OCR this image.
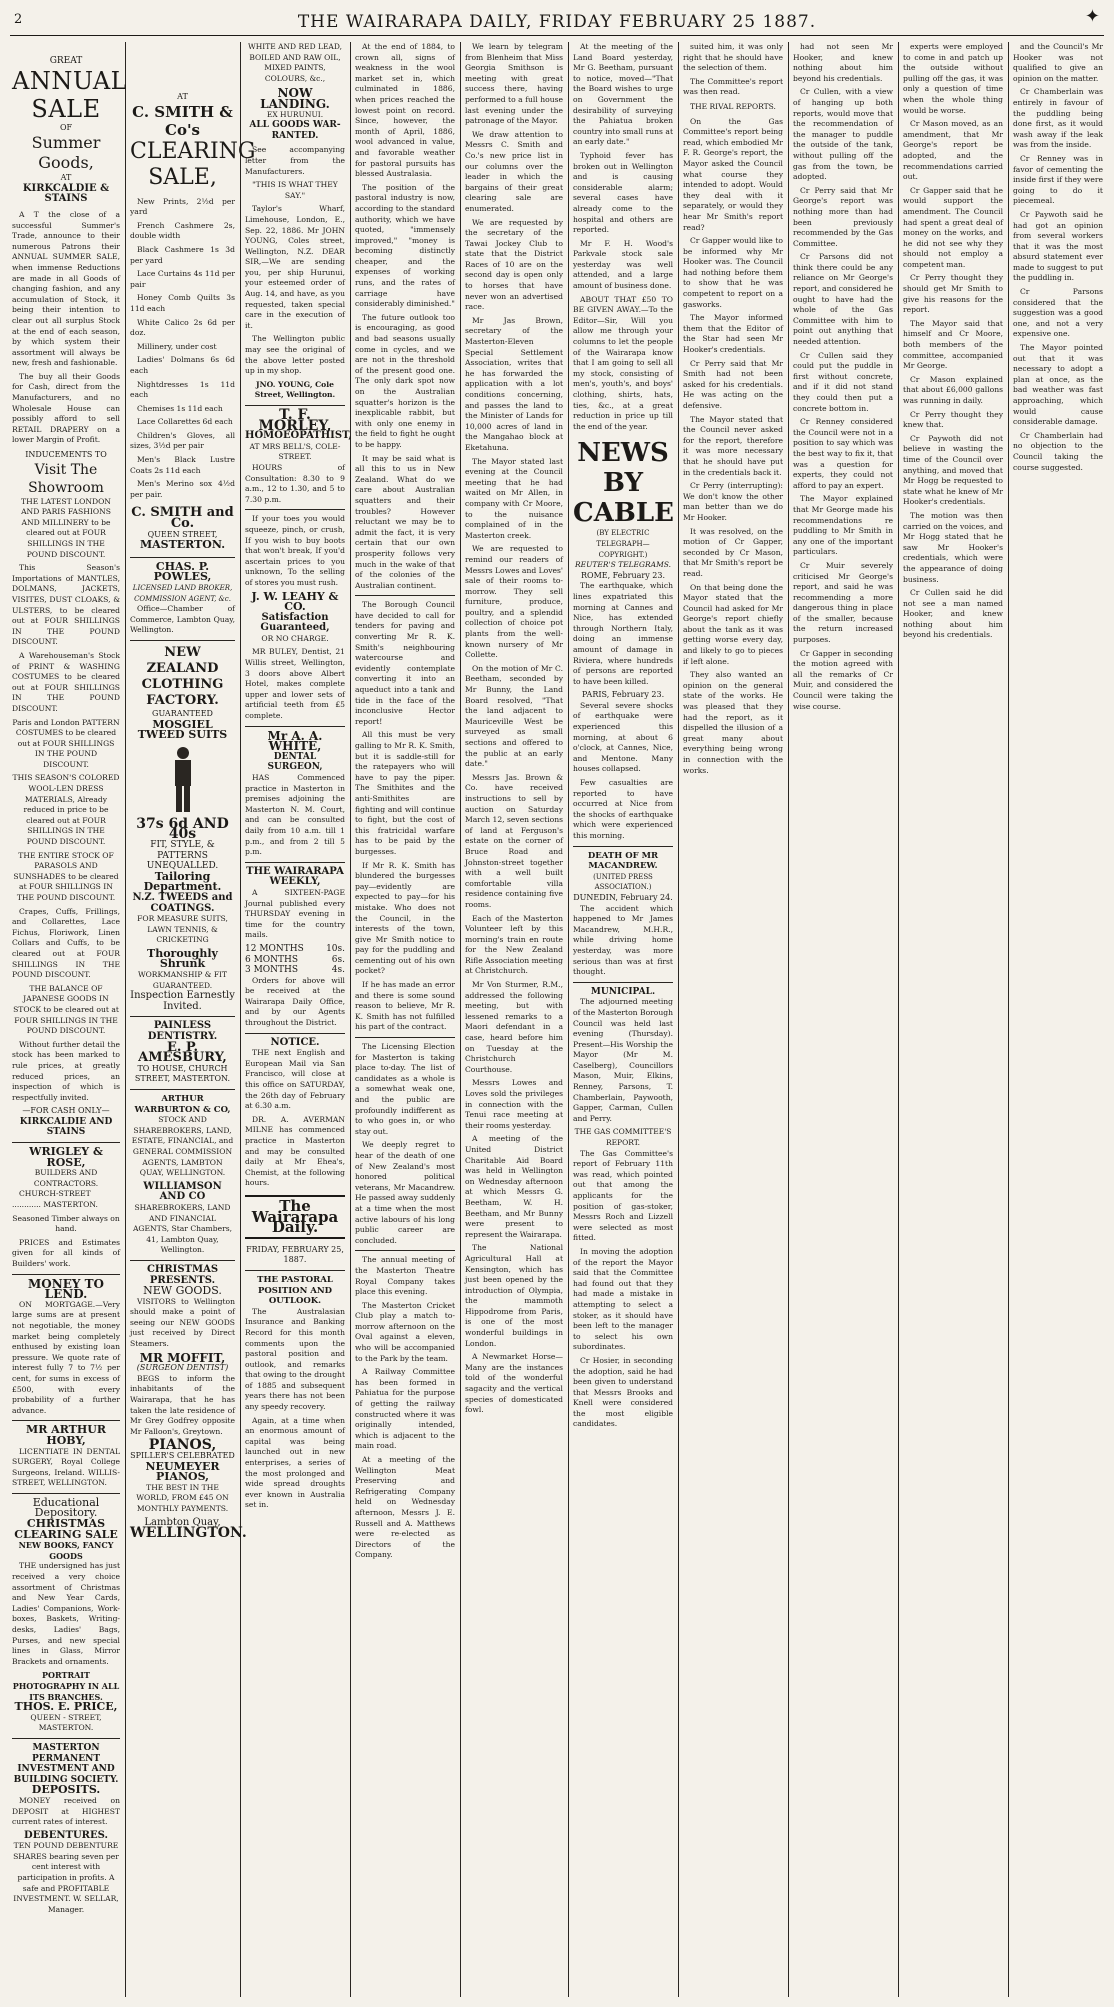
2	THE WAIRARAPA DAILY, FRIDAY FEBRUARY 25 1887.	✦
GREAT
ANNUAL SALE
OF
Summer Goods,
AT
KIRKCALDIE & STAINS

A T the close of a successful Summer's Trade, announce to their numerous Patrons their ANNUAL SUMMER SALE, when immense Reductions are made in all Goods of changing fashion, and any accumulation of Stock, it being their intention to clear out all surplus Stock at the end of each season, by which system their assortment will always be new, fresh and fashionable.

The buy all their Goods for Cash, direct from the Manufacturers, and no Wholesale House can possibly afford to sell RETAIL DRAPERY on a lower Margin of Profit.

INDUCEMENTS TO
Visit The Showroom

THE LATEST LONDON AND PARIS FASHIONS AND MILLINERY to be cleared out at FOUR SHILLINGS IN THE POUND DISCOUNT.

This Season's Importations of MANTLES, DOLMANS, JACKETS, VISITES, DUST CLOAKS, & ULSTERS, to be cleared out at FOUR SHILLINGS IN THE POUND DISCOUNT.

A Warehouseman's Stock of PRINT & WASHING COSTUMES to be cleared out at FOUR SHILLINGS IN THE POUND DISCOUNT.

Paris and London PATTERN COSTUMES to be cleared out at FOUR SHILLINGS IN THE POUND DISCOUNT.

THIS SEASON'S COLORED WOOL-LEN DRESS MATERIALS, Already reduced in price to be cleared out at FOUR SHILLINGS IN THE POUND DISCOUNT.

THE ENTIRE STOCK OF PARASOLS AND SUNSHADES to be cleared at FOUR SHILLINGS IN THE POUND DISCOUNT.

Crapes, Cuffs, Frillings, and Collarettes, Lace Fichus, Floriwork, Linen Collars and Cuffs, to be cleared out at FOUR SHILLINGS IN THE POUND DISCOUNT.

THE BALANCE OF JAPANESE GOODS IN STOCK to be cleared out at FOUR SHILLINGS IN THE POUND DISCOUNT.

Without further detail the stock has been marked to rule prices, at greatly reduced prices, an inspection of which is respectfully invited.

—FOR CASH ONLY—
KIRKCALDIE AND STAINS
WRIGLEY & ROSE,
BUILDERS AND CONTRACTORS.

CHURCH-STREET ............ MASTERTON.

Seasoned Timber always on hand.

PRICES and Estimates given for all kinds of Builders' work.

MONEY TO LEND.

ON MORTGAGE.—Very large sums are at present not negotiable, the money market being completely enthused by existing loan pressure. We quote rate of interest fully 7 to 7½ per cent, for sums in excess of £500, with every probability of a further advance.

MR ARTHUR HOBY,

LICENTIATE IN DENTAL SURGERY, Royal College Surgeons, Ireland. WILLIS-STREET, WELLINGTON.

Educational Depository.
CHRISTMAS CLEARING SALE
NEW BOOKS, FANCY GOODS

THE undersigned has just received a very choice assortment of Christmas and New Year Cards, Ladies' Companions, Work-boxes, Baskets, Writing-desks, Ladies' Bags, Purses, and new special lines in Glass, Mirror Brackets and ornaments.

PORTRAIT PHOTOGRAPHY IN ALL ITS BRANCHES.
THOS. E. PRICE,

QUEEN - STREET, MASTERTON.

MASTERTON PERMANENT INVESTMENT AND BUILDING SOCIETY.
DEPOSITS.

MONEY received on DEPOSIT at HIGHEST current rates of interest.

DEBENTURES.

TEN POUND DEBENTURE SHARES bearing seven per cent interest with participation in profits. A safe and PROFITABLE INVESTMENT. W. SELLAR, Manager.

AT
C. SMITH & Co's
CLEARING
SALE,

New Prints, 2½d per yard

French Cashmere 2s, double width

Black Cashmere 1s 3d per yard

Lace Curtains 4s 11d per pair

Honey Comb Quilts 3s 11d each

White Calico 2s 6d per doz.

Millinery, under cost

Ladies' Dolmans 6s 6d each

Nightdresses 1s 11d each

Chemises 1s 11d each

Lace Collarettes 6d each

Children's Gloves, all sizes, 3½d per pair

Men's Black Lustre Coats 2s 11d each

Men's Merino sox 4½d per pair.

C. SMITH and Co.
QUEEN STREET,
MASTERTON.
CHAS. P. POWLES,
LICENSED LAND BROKER, COMMISSION AGENT, &c.

Office—Chamber of Commerce, Lambton Quay, Wellington.

NEW ZEALAND CLOTHING FACTORY.
GUARANTEED
MOSGIEL TWEED SUITS
37s 6d AND 40s
FIT, STYLE, & PATTERNS UNEQUALLED.
Tailoring Department.
N.Z. TWEEDS and COATINGS.

FOR MEASURE SUITS, LAWN TENNIS, & CRICKETING

Thoroughly Shrunk
WORKMANSHIP & FIT GUARANTEED.
Inspection Earnestly Invited.
PAINLESS DENTISTRY.
E. P. AMESBURY,
TO HOUSE, CHURCH STREET, MASTERTON.
ARTHUR WARBURTON & CO,

STOCK AND SHAREBROKERS, LAND, ESTATE, FINANCIAL, and GENERAL COMMISSION AGENTS, LAMBTON QUAY, WELLINGTON.

WILLIAMSON AND CO

SHAREBROKERS, LAND AND FINANCIAL AGENTS, Star Chambers, 41, Lambton Quay, Wellington.

CHRISTMAS PRESENTS.
NEW GOODS.

VISITORS to Wellington should make a point of seeing our NEW GOODS just received by Direct Steamers.

MR MOFFIT,
(SURGEON DENTIST)

BEGS to inform the inhabitants of the Wairarapa, that he has taken the late residence of Mr Grey Godfrey opposite Mr Falloon's, Greytown.

PIANOS,
SPILLER'S CELEBRATED
NEUMEYER PIANOS,

THE BEST IN THE WORLD, FROM £45 ON MONTHLY PAYMENTS.

Lambton Quay,
WELLINGTON.
WHITE AND RED LEAD,
BOILED AND RAW OIL,
MIXED PAINTS, COLOURS, &c.,
NOW LANDING.
EX HURUNUI.
ALL GOODS WAR-RANTED.

See accompanying letter from the Manufacturers.

"THIS IS WHAT THEY SAY."

Taylor's Wharf, Limehouse, London, E., Sep. 22, 1886. Mr JOHN YOUNG, Coles street, Wellington, N.Z. DEAR SIR,—We are sending you, per ship Hurunui, your esteemed order of Aug. 14, and have, as you requested, taken special care in the execution of it.

The Wellington public may see the original of the above letter posted up in my shop.

JNO. YOUNG, Cole Street, Wellington.

T. F. MORLEY,
HOMOEOPATHIST,
AT MRS BELL'S, COLE-STREET.

HOURS of Consultation: 8.30 to 9 a.m., 12 to 1.30, and 5 to 7.30 p.m.

If your toes you would squeeze, pinch, or crush, If you wish to buy boots that won't break, If you'd ascertain prices to you unknown, To the selling of stores you must rush.

J. W. LEAHY & CO.
Satisfaction Guaranteed,

OR NO CHARGE.

MR BULEY, Dentist, 21 Willis street, Wellington, 3 doors above Albert Hotel, makes complete upper and lower sets of artificial teeth from £5 complete.

Mr A. A. WHITE,
DENTAL SURGEON,

HAS Commenced practice in Masterton in premises adjoining the Masterton N. M. Court, and can be consulted daily from 10 a.m. till 1 p.m., and from 2 till 5 p.m.

THE WAIRARAPA WEEKLY,

A SIXTEEN-PAGE Journal published every THURSDAY evening in time for the country mails.

12 MONTHS 10s.
6 MONTHS	6s.
3 MONTHS	4s.

Orders for above will be received at the Wairarapa Daily Office, and by our Agents throughout the District.

NOTICE.

THE next English and European Mail via San Francisco, will close at this office on SATURDAY, the 26th day of February at 6.30 a.m.

DR. A. AVERMAN MILNE has commenced practice in Masterton and may be consulted daily at Mr Ehea's, Chemist, at the following hours.

The Wairarapa Daily.
FRIDAY, FEBRUARY 25, 1887.
THE PASTORAL POSITION AND OUTLOOK.

The Australasian Insurance and Banking Record for this month comments upon the pastoral position and outlook, and remarks that owing to the drought of 1885 and subsequent years there has not been any speedy recovery.

Again, at a time when an enormous amount of capital was being launched out in new enterprises, a series of the most prolonged and wide spread droughts ever known in Australia set in.

At the end of 1884, to crown all, signs of weakness in the wool market set in, which culminated in 1886, when prices reached the lowest point on record. Since, however, the month of April, 1886, wool advanced in value, and favorable weather for pastoral pursuits has blessed Australasia.

The position of the pastoral industry is now, according to the standard authority, which we have quoted, "immensely improved," "money is becoming distinctly cheaper, and the expenses of working runs, and the rates of carriage have considerably diminished."

The future outlook too is encouraging, as good and bad seasons usually come in cycles, and we are not in the threshold of the present good one. The only dark spot now on the Australian squatter's horizon is the inexplicable rabbit, but with only one enemy in the field to fight he ought to be happy.

It may be said what is all this to us in New Zealand. What do we care about Australian squatters and their troubles? However reluctant we may be to admit the fact, it is very certain that our own prosperity follows very much in the wake of that of the colonies of the Australian continent.

The Borough Council have decided to call for tenders for paving and converting Mr R. K. Smith's neighbouring watercourse and evidently contemplate converting it into an aqueduct into a tank and tide in the face of the inconclusive Hector report!

All this must be very galling to Mr R. K. Smith, but it is saddle-still for the ratepayers who will have to pay the piper. The Smithites and the anti-Smithites are fighting and will continue to fight, but the cost of this fratricidal warfare has to be paid by the burgesses.

If Mr R. K. Smith has blundered the burgesses pay—evidently are expected to pay—for his mistake. Who does not the Council, in the interests of the town, give Mr Smith notice to pay for the puddling and cementing out of his own pocket?

If he has made an error and there is some sound reason to believe, Mr R. K. Smith has not fulfilled his part of the contract.

The Licensing Election for Masterton is taking place to-day. The list of candidates as a whole is a somewhat weak one, and the public are profoundly indifferent as to who goes in, or who stay out.

We deeply regret to hear of the death of one of New Zealand's most honored political veterans, Mr Macandrew. He passed away suddenly at a time when the most active labours of his long public career are concluded.

The annual meeting of the Masterton Theatre Royal Company takes place this evening.

The Masterton Cricket Club play a match to-morrow afternoon on the Oval against a eleven, who will be accompanied to the Park by the team.

A Railway Committee has been formed in Pahiatua for the purpose of getting the railway constructed where it was originally intended, which is adjacent to the main road.

At a meeting of the Wellington Meat Preserving and Refrigerating Company held on Wednesday afternoon, Messrs J. E. Russell and A. Matthews were re-elected as Directors of the Company.

We learn by telegram from Blenheim that Miss Georgia Smithson is meeting with great success there, having performed to a full house last evening under the patronage of the Mayor.

We draw attention to Messrs C. Smith and Co.'s new price list in our columns over the leader in which the bargains of their great clearing sale are enumerated.

We are requested by the secretary of the Tawai Jockey Club to state that the District Races of 10 are on the second day is open only to horses that have never won an advertised race.

Mr Jas Brown, secretary of the Masterton-Eleven Special Settlement Association, writes that he has forwarded the application with a lot conditions concerning, and passes the land to the Minister of Lands for 10,000 acres of land in the Mangahao block at Eketahuna.

The Mayor stated last evening at the Council meeting that he had waited on Mr Allen, in company with Cr Moore, to the nuisance complained of in the Masterton creek.

We are requested to remind our readers of Messrs Lowes and Loves' sale of their rooms to-morrow. They sell furniture, produce, poultry, and a splendid collection of choice pot plants from the well-known nursery of Mr Collette.

On the motion of Mr C. Beetham, seconded by Mr Bunny, the Land Board resolved, "That the land adjacent to Mauriceville West be surveyed as small sections and offered to the public at an early date."

Messrs Jas. Brown & Co. have received instructions to sell by auction on Saturday March 12, seven sections of land at Ferguson's estate on the corner of Bruce Road and Johnston-street together with a well built comfortable villa residence containing five rooms.

Each of the Masterton Volunteer left by this morning's train en route for the New Zealand Rifle Association meeting at Christchurch.

Mr Von Sturmer, R.M., addressed the following meeting, but with lessened remarks to a Maori defendant in a case, heard before him on Tuesday at the Christchurch Courthouse.

Messrs Lowes and Loves sold the privileges in connection with the Tenui race meeting at their rooms yesterday.

A meeting of the United District Charitable Aid Board was held in Wellington on Wednesday afternoon at which Messrs G. Beetham, W. H. Beetham, and Mr Bunny were present to represent the Wairarapa.

The National Agricultural Hall at Kensington, which has just been opened by the introduction of Olympia, the mammoth Hippodrome from Paris, is one of the most wonderful buildings in London.

A Newmarket Horse—Many are the instances told of the wonderful sagacity and the vertical species of domesticated fowl.

At the meeting of the Land Board yesterday, Mr G. Beetham, pursuant to notice, moved—"That the Board wishes to urge on Government the desirability of surveying the Pahiatua broken country into small runs at an early date."

Typhoid fever has broken out in Wellington and is causing considerable alarm; several cases have already come to the hospital and others are reported.

Mr F. H. Wood's Parkvale stock sale yesterday was well attended, and a large amount of business done.

ABOUT THAT £50 TO BE GIVEN AWAY.—To the Editor—Sir, Will you allow me through your columns to let the people of the Wairarapa know that I am going to sell all my stock, consisting of men's, youth's, and boys' clothing, shirts, hats, ties, &c., at a great reduction in price up till the end of the year.

NEWS BY CABLE
(BY ELECTRIC TELEGRAPH—COPYRIGHT.)
REUTER'S TELEGRAMS.
ROME, February 23.

The earthquake, which lines expatriated this morning at Cannes and Nice, has extended through Northern Italy, doing an immense amount of damage in Riviera, where hundreds of persons are reported to have been killed.

PARIS, February 23.

Several severe shocks of earthquake were experienced this morning, at about 6 o'clock, at Cannes, Nice, and Mentone. Many houses collapsed.

Few casualties are reported to have occurred at Nice from the shocks of earthquake which were experienced this morning.

DEATH OF MR MACANDREW.
(UNITED PRESS ASSOCIATION.)
DUNEDIN, February 24.

The accident which happened to Mr James Macandrew, M.H.R., while driving home yesterday, was more serious than was at first thought.

MUNICIPAL.

The adjourned meeting of the Masterton Borough Council was held last evening (Thursday). Present—His Worship the Mayor (Mr M. Caselberg), Councillors Mason, Muir, Elkins, Renney, Parsons, T. Chamberlain, Paywooth, Gapper, Carman, Cullen and Perry.

THE GAS COMMITTEE'S REPORT.

The Gas Committee's report of February 11th was read, which pointed out that among the applicants for the position of gas-stoker, Messrs Roch and Lizzell were selected as most fitted.

In moving the adoption of the report the Mayor said that the Committee had found out that they had made a mistake in attempting to select a stoker, as it should have been left to the manager to select his own subordinates.

Cr Hosier, in seconding the adoption, said he had been given to understand that Messrs Brooks and Knell were considered the most eligible candidates.

suited him, it was only right that he should have the selection of them.

The Committee's report was then read.

THE RIVAL REPORTS.

On the Gas Committee's report being read, which embodied Mr F. R. George's report, the Mayor asked the Council what course they intended to adopt. Would they deal with it separately, or would they hear Mr Smith's report read?

Cr Gapper would like to be informed why Mr Hooker was. The Council had nothing before them to show that he was competent to report on a gasworks.

The Mayor informed them that the Editor of the Star had seen Mr Hooker's credentials.

Cr Perry said that Mr Smith had not been asked for his credentials. He was acting on the defensive.

The Mayor stated that the Council never asked for the report, therefore it was more necessary that he should have put in the credentials back it.

Cr Perry (interrupting): We don't know the other man better than we do Mr Hooker.

It was resolved, on the motion of Cr Gapper, seconded by Cr Mason, that Mr Smith's report be read.

On that being done the Mayor stated that the Council had asked for Mr George's report chiefly about the tank as it was getting worse every day, and likely to go to pieces if left alone.

They also wanted an opinion on the general state of the works. He was pleased that they had the report, as it dispelled the illusion of a great many about everything being wrong in connection with the works.

had not seen Mr Hooker, and knew nothing about him beyond his credentials.

Cr Cullen, with a view of hanging up both reports, would move that the recommendation of the manager to puddle the outside of the tank, without pulling off the gas from the town, be adopted.

Cr Perry said that Mr George's report was nothing more than had been previously recommended by the Gas Committee.

Cr Parsons did not think there could be any reliance on Mr George's report, and considered he ought to have had the whole of the Gas Committee with him to point out anything that needed attention.

Cr Cullen said they could put the puddle in first without concrete, and if it did not stand they could then put a concrete bottom in.

Cr Renney considered the Council were not in a position to say which was the best way to fix it, that was a question for experts, they could not afford to pay an expert.

The Mayor explained that Mr George made his recommendations re puddling to Mr Smith in any one of the important particulars.

Cr Muir severely criticised Mr George's report, and said he was recommending a more dangerous thing in place of the smaller, because the return increased purposes.

Cr Gapper in seconding the motion agreed with all the remarks of Cr Muir, and considered the Council were taking the wise course.

experts were employed to come in and patch up the outside without pulling off the gas, it was only a question of time when the whole thing would be worse.

Cr Mason moved, as an amendment, that Mr George's report be adopted, and the recommendations carried out.

Cr Gapper said that he would support the amendment. The Council had spent a great deal of money on the works, and he did not see why they should not employ a competent man.

Cr Perry thought they should get Mr Smith to give his reasons for the report.

The Mayor said that himself and Cr Moore, both members of the committee, accompanied Mr George.

Cr Mason explained that about £6,000 gallons was running in daily.

Cr Perry thought they knew that.

Cr Paywoth did not believe in wasting the time of the Council over anything, and moved that Mr Hogg be requested to state what he knew of Mr Hooker's credentials.

The motion was then carried on the voices, and Mr Hogg stated that he saw Mr Hooker's credentials, which were the appearance of doing business.

Cr Cullen said he did not see a man named Hooker, and knew nothing about him beyond his credentials.

and the Council's Mr Hooker was not qualified to give an opinion on the matter.

Cr Chamberlain was entirely in favour of the puddling being done first, as it would wash away if the leak was from the inside.

Cr Renney was in favor of cementing the inside first if they were going to do it piecemeal.

Cr Paywoth said he had got an opinion from several workers that it was the most absurd statement ever made to suggest to put the puddling in.

Cr Parsons considered that the suggestion was a good one, and not a very expensive one.

The Mayor pointed out that it was necessary to adopt a plan at once, as the bad weather was fast approaching, which would cause considerable damage.

Cr Chamberlain had no objection to the Council taking the course suggested.
